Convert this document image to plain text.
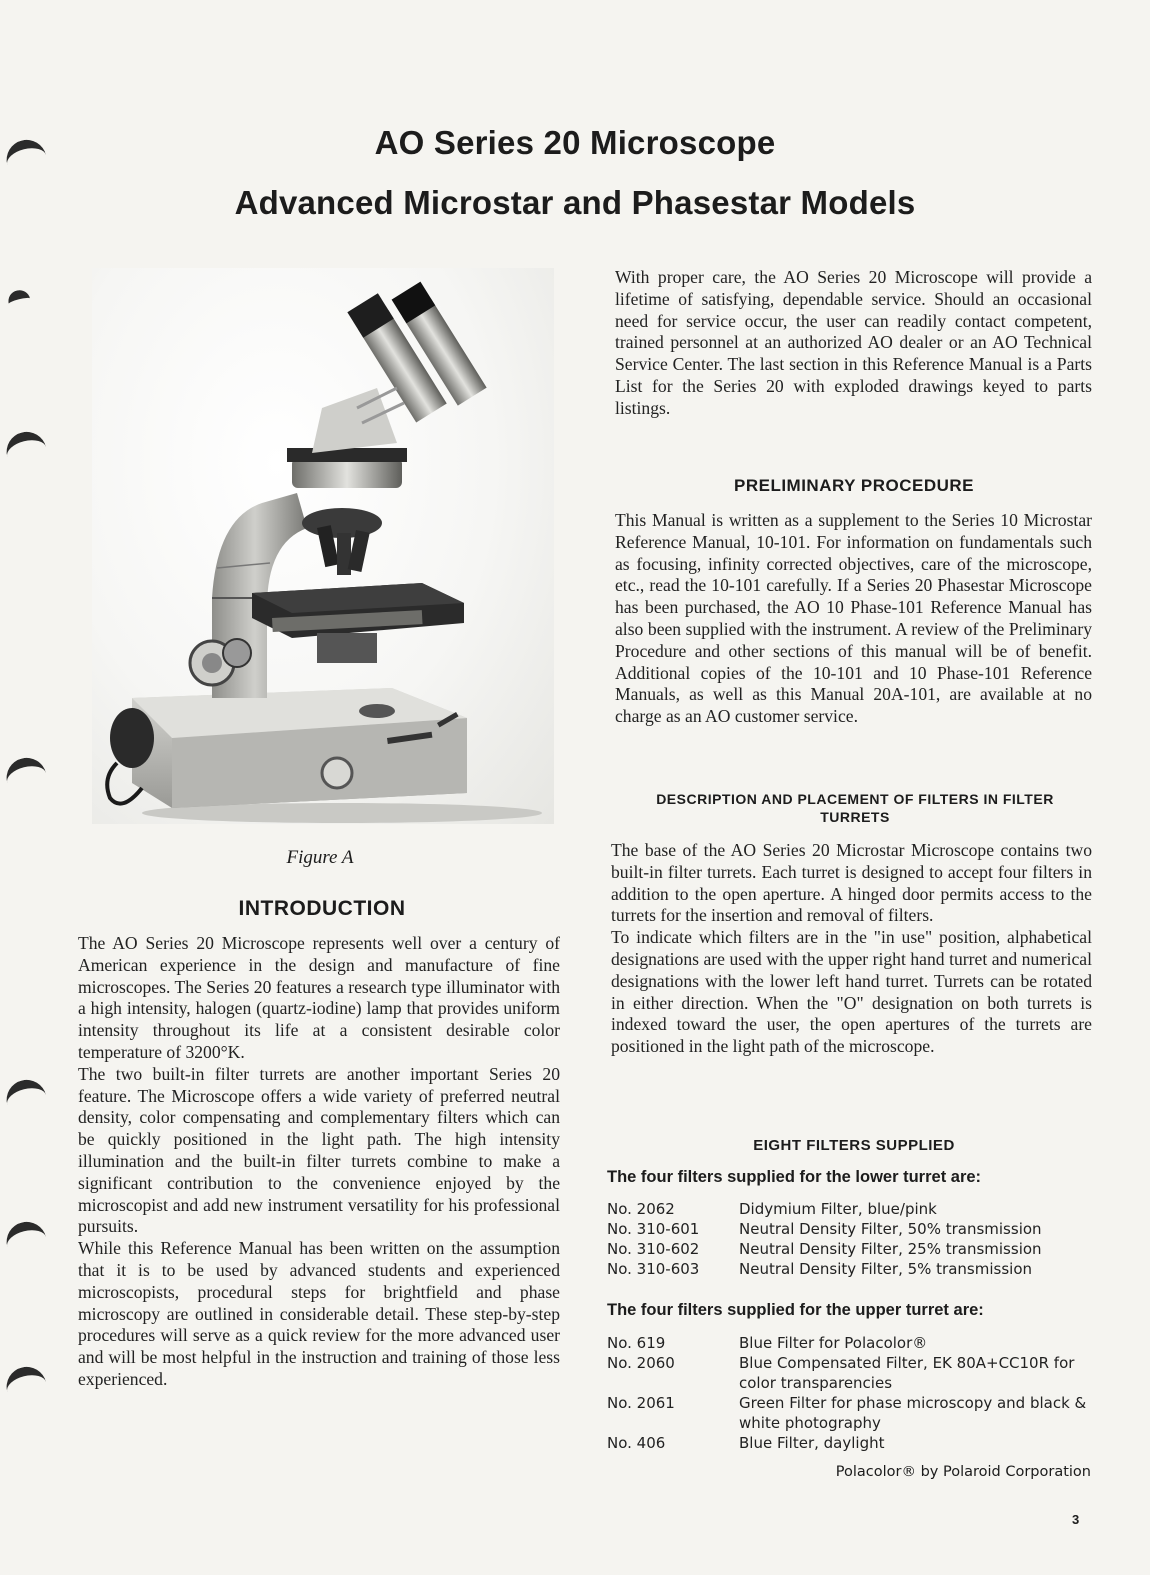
AO Series 20 Microscope
Advanced Microstar and Phasestar Models
Figure A
INTRODUCTION

The AO Series 20 Microscope represents well over a century of American experience in the design and manufacture of fine microscopes. The Series 20 features a research type illuminator with a high intensity, halogen (quartz-iodine) lamp that provides uniform intensity throughout its life at a consistent desirable color temperature of 3200°K.

The two built-in filter turrets are another important Series 20 feature. The Microscope offers a wide variety of preferred neutral density, color compensating and complementary filters which can be quickly positioned in the light path. The high intensity illumination and the built-in filter turrets combine to make a significant contribution to the convenience enjoyed by the microscopist and add new instrument versatility for his professional pursuits.

While this Reference Manual has been written on the assumption that it is to be used by advanced students and experienced microscopists, procedural steps for brightfield and phase microscopy are outlined in considerable detail. These step-by-step procedures will serve as a quick review for the more advanced user and will be most helpful in the instruction and training of those less experienced.

With proper care, the AO Series 20 Microscope will provide a lifetime of satisfying, dependable service. Should an occasional need for service occur, the user can readily contact competent, trained personnel at an authorized AO dealer or an AO Technical Service Center. The last section in this Reference Manual is a Parts List for the Series 20 with exploded drawings keyed to parts listings.

PRELIMINARY PROCEDURE

This Manual is written as a supplement to the Series 10 Microstar Reference Manual, 10-101. For information on fundamentals such as focusing, infinity corrected objectives, care of the microscope, etc., read the 10-101 carefully. If a Series 20 Phasestar Microscope has been purchased, the AO 10 Phase-101 Reference Manual has also been supplied with the instrument. A review of the Preliminary Procedure and other sections of this manual will be of benefit. Additional copies of the 10-101 and 10 Phase-101 Reference Manuals, as well as this Manual 20A-101, are available at no charge as an AO customer service.

DESCRIPTION AND PLACEMENT OF FILTERS IN FILTER TURRETS

The base of the AO Series 20 Microstar Microscope contains two built-in filter turrets. Each turret is designed to accept four filters in addition to the open aperture. A hinged door permits access to the turrets for the insertion and removal of filters.

To indicate which filters are in the "in use" position, alphabetical designations are used with the upper right hand turret and numerical designations with the lower left hand turret. Turrets can be rotated in either direction. When the "O" designation on both turrets is indexed toward the user, the open apertures of the turrets are positioned in the light path of the microscope.

EIGHT FILTERS SUPPLIED
The four filters supplied for the lower turret are:
No. 2062	Didymium Filter, blue/pink
No. 310-601	Neutral Density Filter, 50% transmission
No. 310-602	Neutral Density Filter, 25% transmission
No. 310-603	Neutral Density Filter, 5% transmission
The four filters supplied for the upper turret are:
No. 619	Blue Filter for Polacolor®
No. 2060	Blue Compensated Filter, EK 80A+CC10R for color transparencies
No. 2061	Green Filter for phase microscopy and black & white photography
No. 406	Blue Filter, daylight
Polacolor® by Polaroid Corporation
3
